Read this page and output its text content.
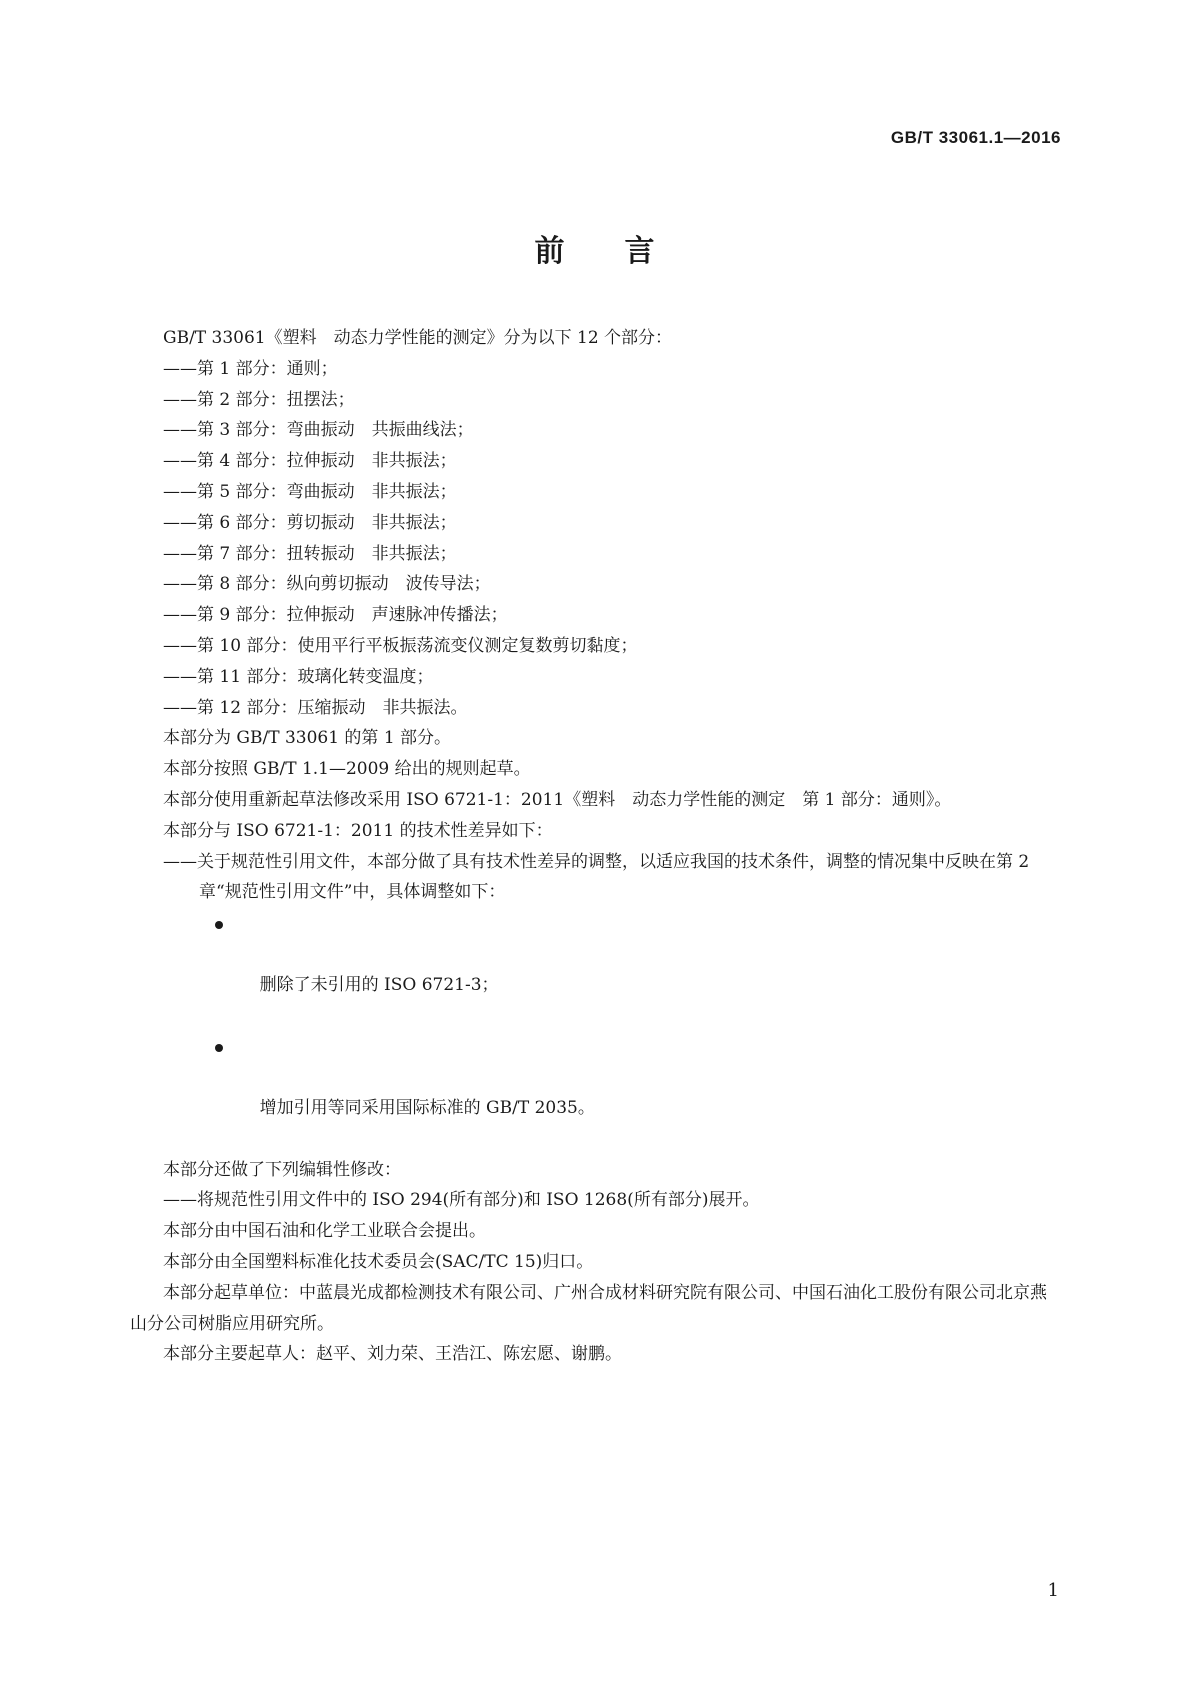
GB/T 33061.1—2016
前 言
GB/T 33061《塑料　动态力学性能的测定》分为以下 12 个部分：
——第 1 部分：通则；
——第 2 部分：扭摆法；
——第 3 部分：弯曲振动　共振曲线法；
——第 4 部分：拉伸振动　非共振法；
——第 5 部分：弯曲振动　非共振法；
——第 6 部分：剪切振动　非共振法；
——第 7 部分：扭转振动　非共振法；
——第 8 部分：纵向剪切振动　波传导法；
——第 9 部分：拉伸振动　声速脉冲传播法；
——第 10 部分：使用平行平板振荡流变仪测定复数剪切黏度；
——第 11 部分：玻璃化转变温度；
——第 12 部分：压缩振动　非共振法。
本部分为 GB/T 33061 的第 1 部分。
本部分按照 GB/T 1.1—2009 给出的规则起草。
本部分使用重新起草法修改采用 ISO 6721-1：2011《塑料　动态力学性能的测定　第 1 部分：通则》。
本部分与 ISO 6721-1：2011 的技术性差异如下：
——关于规范性引用文件，本部分做了具有技术性差异的调整，以适应我国的技术条件，调整的情况集中反映在第 2 章“规范性引用文件”中，具体调整如下：

删除了未引用的 ISO 6721-3；

增加引用等同采用国际标准的 GB/T 2035。

本部分还做了下列编辑性修改：
——将规范性引用文件中的 ISO 294(所有部分)和 ISO 1268(所有部分)展开。
本部分由中国石油和化学工业联合会提出。
本部分由全国塑料标准化技术委员会(SAC/TC 15)归口。
本部分起草单位：中蓝晨光成都检测技术有限公司、广州合成材料研究院有限公司、中国石油化工股份有限公司北京燕山分公司树脂应用研究所。
本部分主要起草人：赵平、刘力荣、王浩江、陈宏愿、谢鹏。
1
